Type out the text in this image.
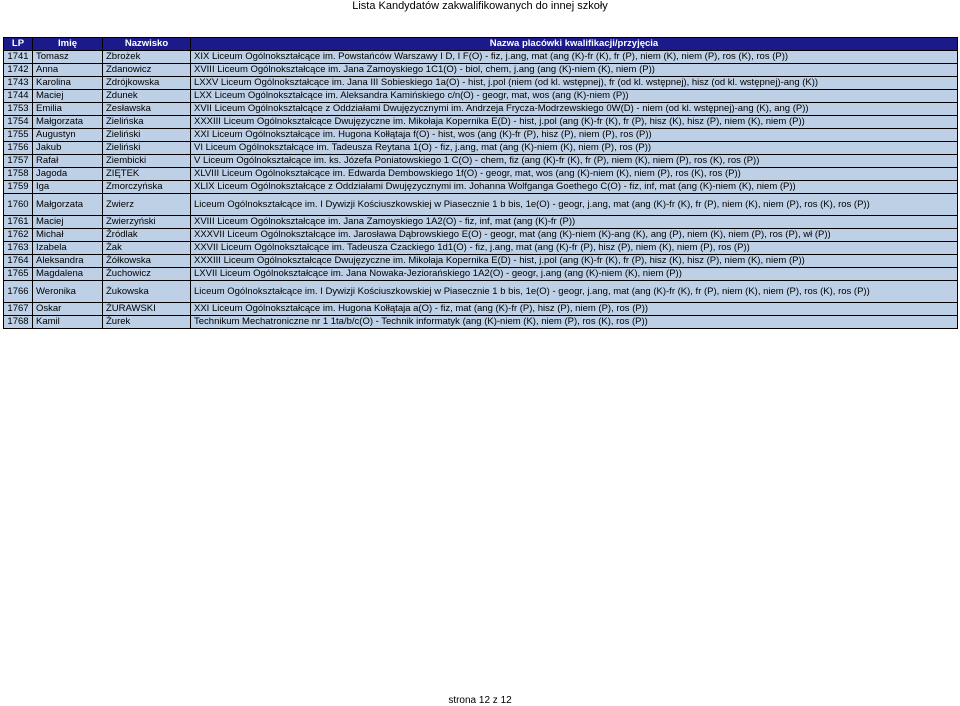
Lista Kandydatów zakwalifikowanych do innej szkoły
LP	Imię	Nazwisko	Nazwa placówki kwalifikacji/przyjęcia
1741	Tomasz	Zbrożek	XIX Liceum Ogólnokształcące im. Powstańców Warszawy I D, I F(O) - fiz, j.ang, mat (ang (K)-fr (K), fr (P), niem (K), niem (P), ros (K), ros (P))
1742	Anna	Zdanowicz	XVIII Liceum Ogólnokształcące im. Jana Zamoyskiego 1C1(O) - biol, chem, j.ang (ang (K)-niem (K), niem (P))
1743	Karolina	Zdrójkowska	LXXV Liceum Ogólnokształcące im. Jana III Sobieskiego 1a(O) - hist, j.pol (niem (od kl. wstępnej), fr (od kl. wstępnej), hisz (od kl. wstępnej)-ang (K))
1744	Maciej	Zdunek	LXX Liceum Ogólnokształcące im. Aleksandra Kamińskiego c/n(O) - geogr, mat, wos (ang (K)-niem (P))
1753	Emilia	Zesławska	XVII Liceum Ogólnokształcące z Oddziałami Dwujęzycznymi im. Andrzeja Frycza-Modrzewskiego 0W(D) - niem (od kl. wstępnej)-ang (K), ang (P))
1754	Małgorzata	Zielińska	XXXIII Liceum Ogólnokształcące Dwujęzyczne im. Mikołaja Kopernika E(D) - hist, j.pol (ang (K)-fr (K), fr (P), hisz (K), hisz (P), niem (K), niem (P))
1755	Augustyn	Zieliński	XXI Liceum Ogólnokształcące im. Hugona Kołłątaja f(O) - hist, wos (ang (K)-fr (P), hisz (P), niem (P), ros (P))
1756	Jakub	Zieliński	VI Liceum Ogólnokształcące im. Tadeusza Reytana 1(O) - fiz, j.ang, mat (ang (K)-niem (K), niem (P), ros (P))
1757	Rafał	Ziembicki	V Liceum Ogólnokształcące im. ks. Józefa Poniatowskiego 1 C(O) - chem, fiz (ang (K)-fr (K), fr (P), niem (K), niem (P), ros (K), ros (P))
1758	Jagoda	ZIĘTEK	XLVIII Liceum Ogólnokształcące im. Edwarda Dembowskiego 1f(O) - geogr, mat, wos (ang (K)-niem (K), niem (P), ros (K), ros (P))
1759	Iga	Zmorczyńska	XLIX Liceum Ogólnokształcące z Oddziałami Dwujęzycznymi im. Johanna Wolfganga Goethego C(O) - fiz, inf, mat (ang (K)-niem (K), niem (P))
1760	Małgorzata	Zwierz	Liceum Ogólnokształcące im. I Dywizji Kościuszkowskiej w Piasecznie 1 b bis, 1e(O) - geogr, j.ang, mat (ang (K)-fr (K), fr (P), niem (K), niem (P), ros (K), ros (P))
1761	Maciej	Zwierzyński	XVIII Liceum Ogólnokształcące im. Jana Zamoyskiego 1A2(O) - fiz, inf, mat (ang (K)-fr (P))
1762	Michał	Źródlak	XXXVII Liceum Ogólnokształcące im. Jarosława Dąbrowskiego E(O) - geogr, mat (ang (K)-niem (K)-ang (K), ang (P), niem (K), niem (P), ros (P), wł (P))
1763	Izabela	Żak	XXVII Liceum Ogólnokształcące im. Tadeusza Czackiego 1d1(O) - fiz, j.ang, mat (ang (K)-fr (P), hisz (P), niem (K), niem (P), ros (P))
1764	Aleksandra	Żółkowska	XXXIII Liceum Ogólnokształcące Dwujęzyczne im. Mikołaja Kopernika E(D) - hist, j.pol (ang (K)-fr (K), fr (P), hisz (K), hisz (P), niem (K), niem (P))
1765	Magdalena	Żuchowicz	LXVII Liceum Ogólnokształcące im. Jana Nowaka-Jeziorańskiego 1A2(O) - geogr, j.ang (ang (K)-niem (K), niem (P))
1766	Weronika	Żukowska	Liceum Ogólnokształcące im. I Dywizji Kościuszkowskiej w Piasecznie 1 b bis, 1e(O) - geogr, j.ang, mat (ang (K)-fr (K), fr (P), niem (K), niem (P), ros (K), ros (P))
1767	Oskar	ŻURAWSKI	XXI Liceum Ogólnokształcące im. Hugona Kołłątaja a(O) - fiz, mat (ang (K)-fr (P), hisz (P), niem (P), ros (P))
1768	Kamil	Żurek	Technikum Mechatroniczne nr 1 1ta/b/c(O) - Technik informatyk (ang (K)-niem (K), niem (P), ros (K), ros (P))
strona 12 z 12
